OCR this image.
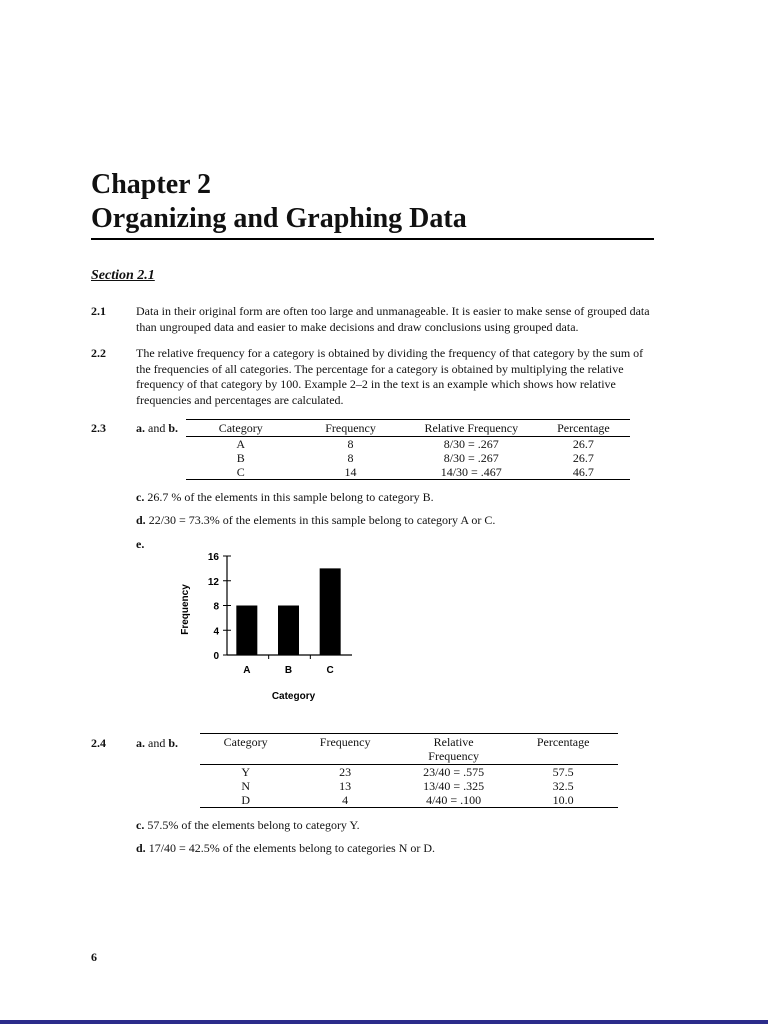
Chapter 2
Organizing and Graphing Data
Section 2.1
2.1	Data in their original form are often too large and unmanageable. It is easier to make sense of grouped data
than ungrouped data and easier to make decisions and draw conclusions using grouped data.
2.2	The relative frequency for a category is obtained by dividing the frequency of that category by the sum of
the frequencies of all categories. The percentage for a category is obtained by multiplying the relative
frequency of that category by 100. Example 2–2 in the text is an example which shows how relative
frequencies and percentages are calculated.
2.3	a. and b.	Category	Frequency	Relative Frequency	Percentage
A	8	8/30 = .267	26.7
B	8	8/30 = .267	26.7
C	14	14/30 = .467	46.7
c. 26.7 % of the elements in this sample belong to category B.
d. 22/30 = 73.3% of the elements in this sample belong to category A or C.
e.
0
4
8
12
16
A	B	C
Category
Frequency
2.4	a. and b.	Category	Frequency	Relative
Frequency	Percentage
Y	23	23/40 = .575	57.5
N	13	13/40 = .325	32.5
D	4	4/40 = .100	10.0
c. 57.5% of the elements belong to category Y.
d. 17/40 = 42.5% of the elements belong to categories N or D.
6
